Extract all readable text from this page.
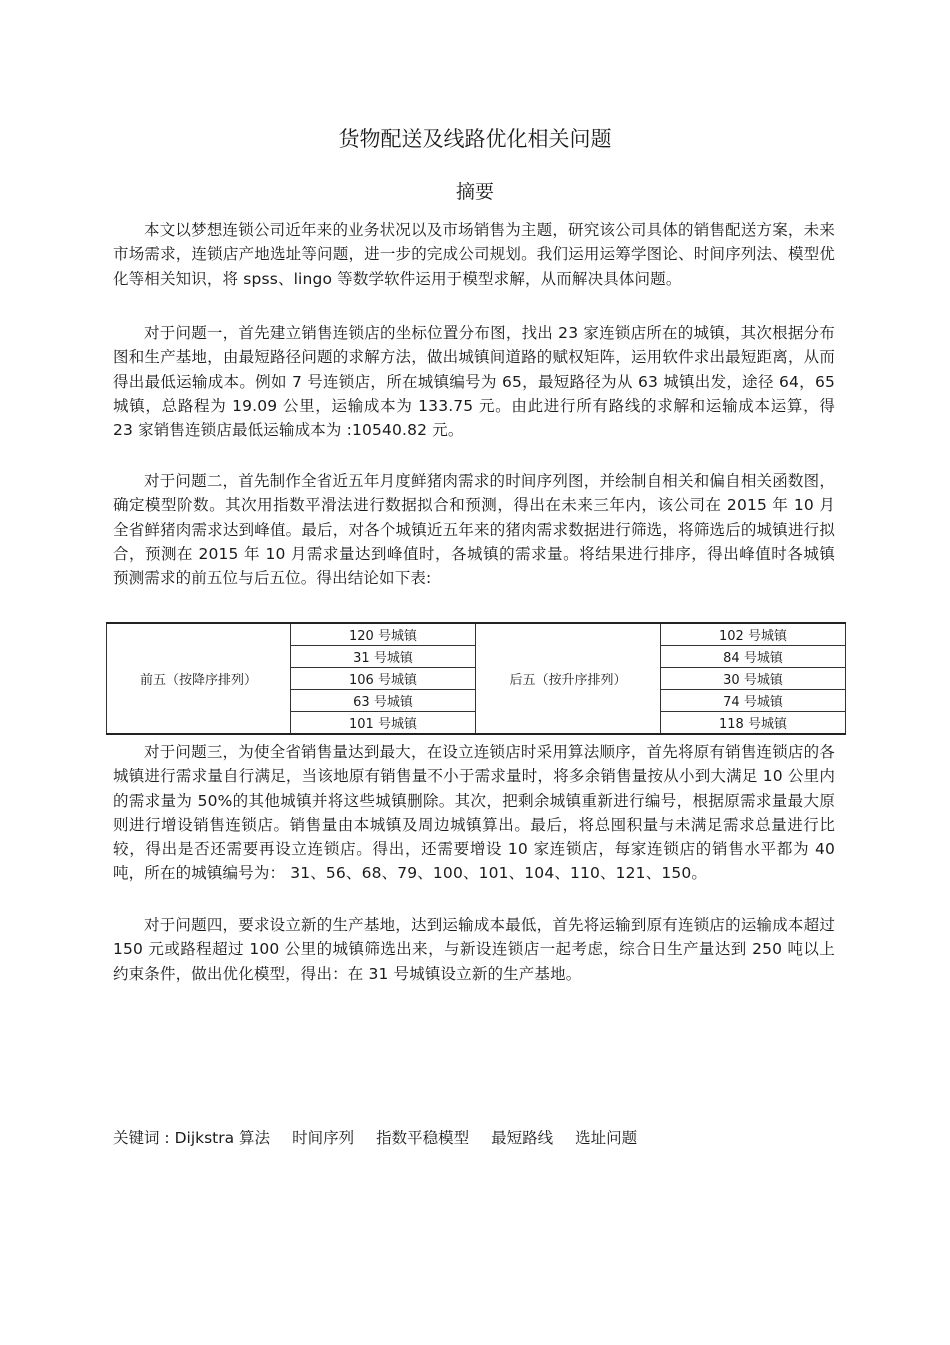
货物配送及线路优化相关问题
摘要

本文以梦想连锁公司近年来的业务状况以及市场销售为主题，研究该公司具体的销售配送方案，未来市场需求，连锁店产地选址等问题，进一步的完成公司规划。我们运用运筹学图论、时间序列法、模型优化等相关知识，将 spss、lingo 等数学软件运用于模型求解，从而解决具体问题。

对于问题一，首先建立销售连锁店的坐标位置分布图，找出 23 家连锁店所在的城镇，其次根据分布图和生产基地，由最短路径问题的求解方法，做出城镇间道路的赋权矩阵，运用软件求出最短距离，从而得出最低运输成本。例如 7 号连锁店，所在城镇编号为 65，最短路径为从 63 城镇出发，途径 64，65 城镇，总路程为 19.09 公里，运输成本为 133.75 元。由此进行所有路线的求解和运输成本运算，得 23 家销售连锁店最低运输成本为 :10540.82 元。

对于问题二，首先制作全省近五年月度鲜猪肉需求的时间序列图，并绘制自相关和偏自相关函数图，确定模型阶数。其次用指数平滑法进行数据拟合和预测，得出在未来三年内，该公司在 2015 年 10 月全省鲜猪肉需求达到峰值。最后，对各个城镇近五年来的猪肉需求数据进行筛选，将筛选后的城镇进行拟合，预测在 2015 年 10 月需求量达到峰值时，各城镇的需求量。将结果进行排序，得出峰值时各城镇预测需求的前五位与后五位。得出结论如下表:

前五（按降序排列）	120 号城镇	后五（按升序排列）	102 号城镇
	31 号城镇		84 号城镇
	106 号城镇		30 号城镇
	63 号城镇		74 号城镇
	101 号城镇		118 号城镇

对于问题三，为使全省销售量达到最大，在设立连锁店时采用算法顺序，首先将原有销售连锁店的各城镇进行需求量自行满足，当该地原有销售量不小于需求量时，将多余销售量按从小到大满足 10 公里内的需求量为 50%的其他城镇并将这些城镇删除。其次，把剩余城镇重新进行编号，根据原需求量最大原则进行增设销售连锁店。销售量由本城镇及周边城镇算出。最后，将总囤积量与未满足需求总量进行比较，得出是否还需要再设立连锁店。得出，还需要增设 10 家连锁店，每家连锁店的销售水平都为 40 吨，所在的城镇编号为： 31、56、68、79、100、101、104、110、121、150。

对于问题四，要求设立新的生产基地，达到运输成本最低，首先将运输到原有连锁店的运输成本超过 150 元或路程超过 100 公里的城镇筛选出来，与新设连锁店一起考虑，综合日生产量达到 250 吨以上约束条件，做出优化模型，得出：在 31 号城镇设立新的生产基地。

关键词 : Dijkstra 算法 时间序列 指数平稳模型 最短路线 选址问题
